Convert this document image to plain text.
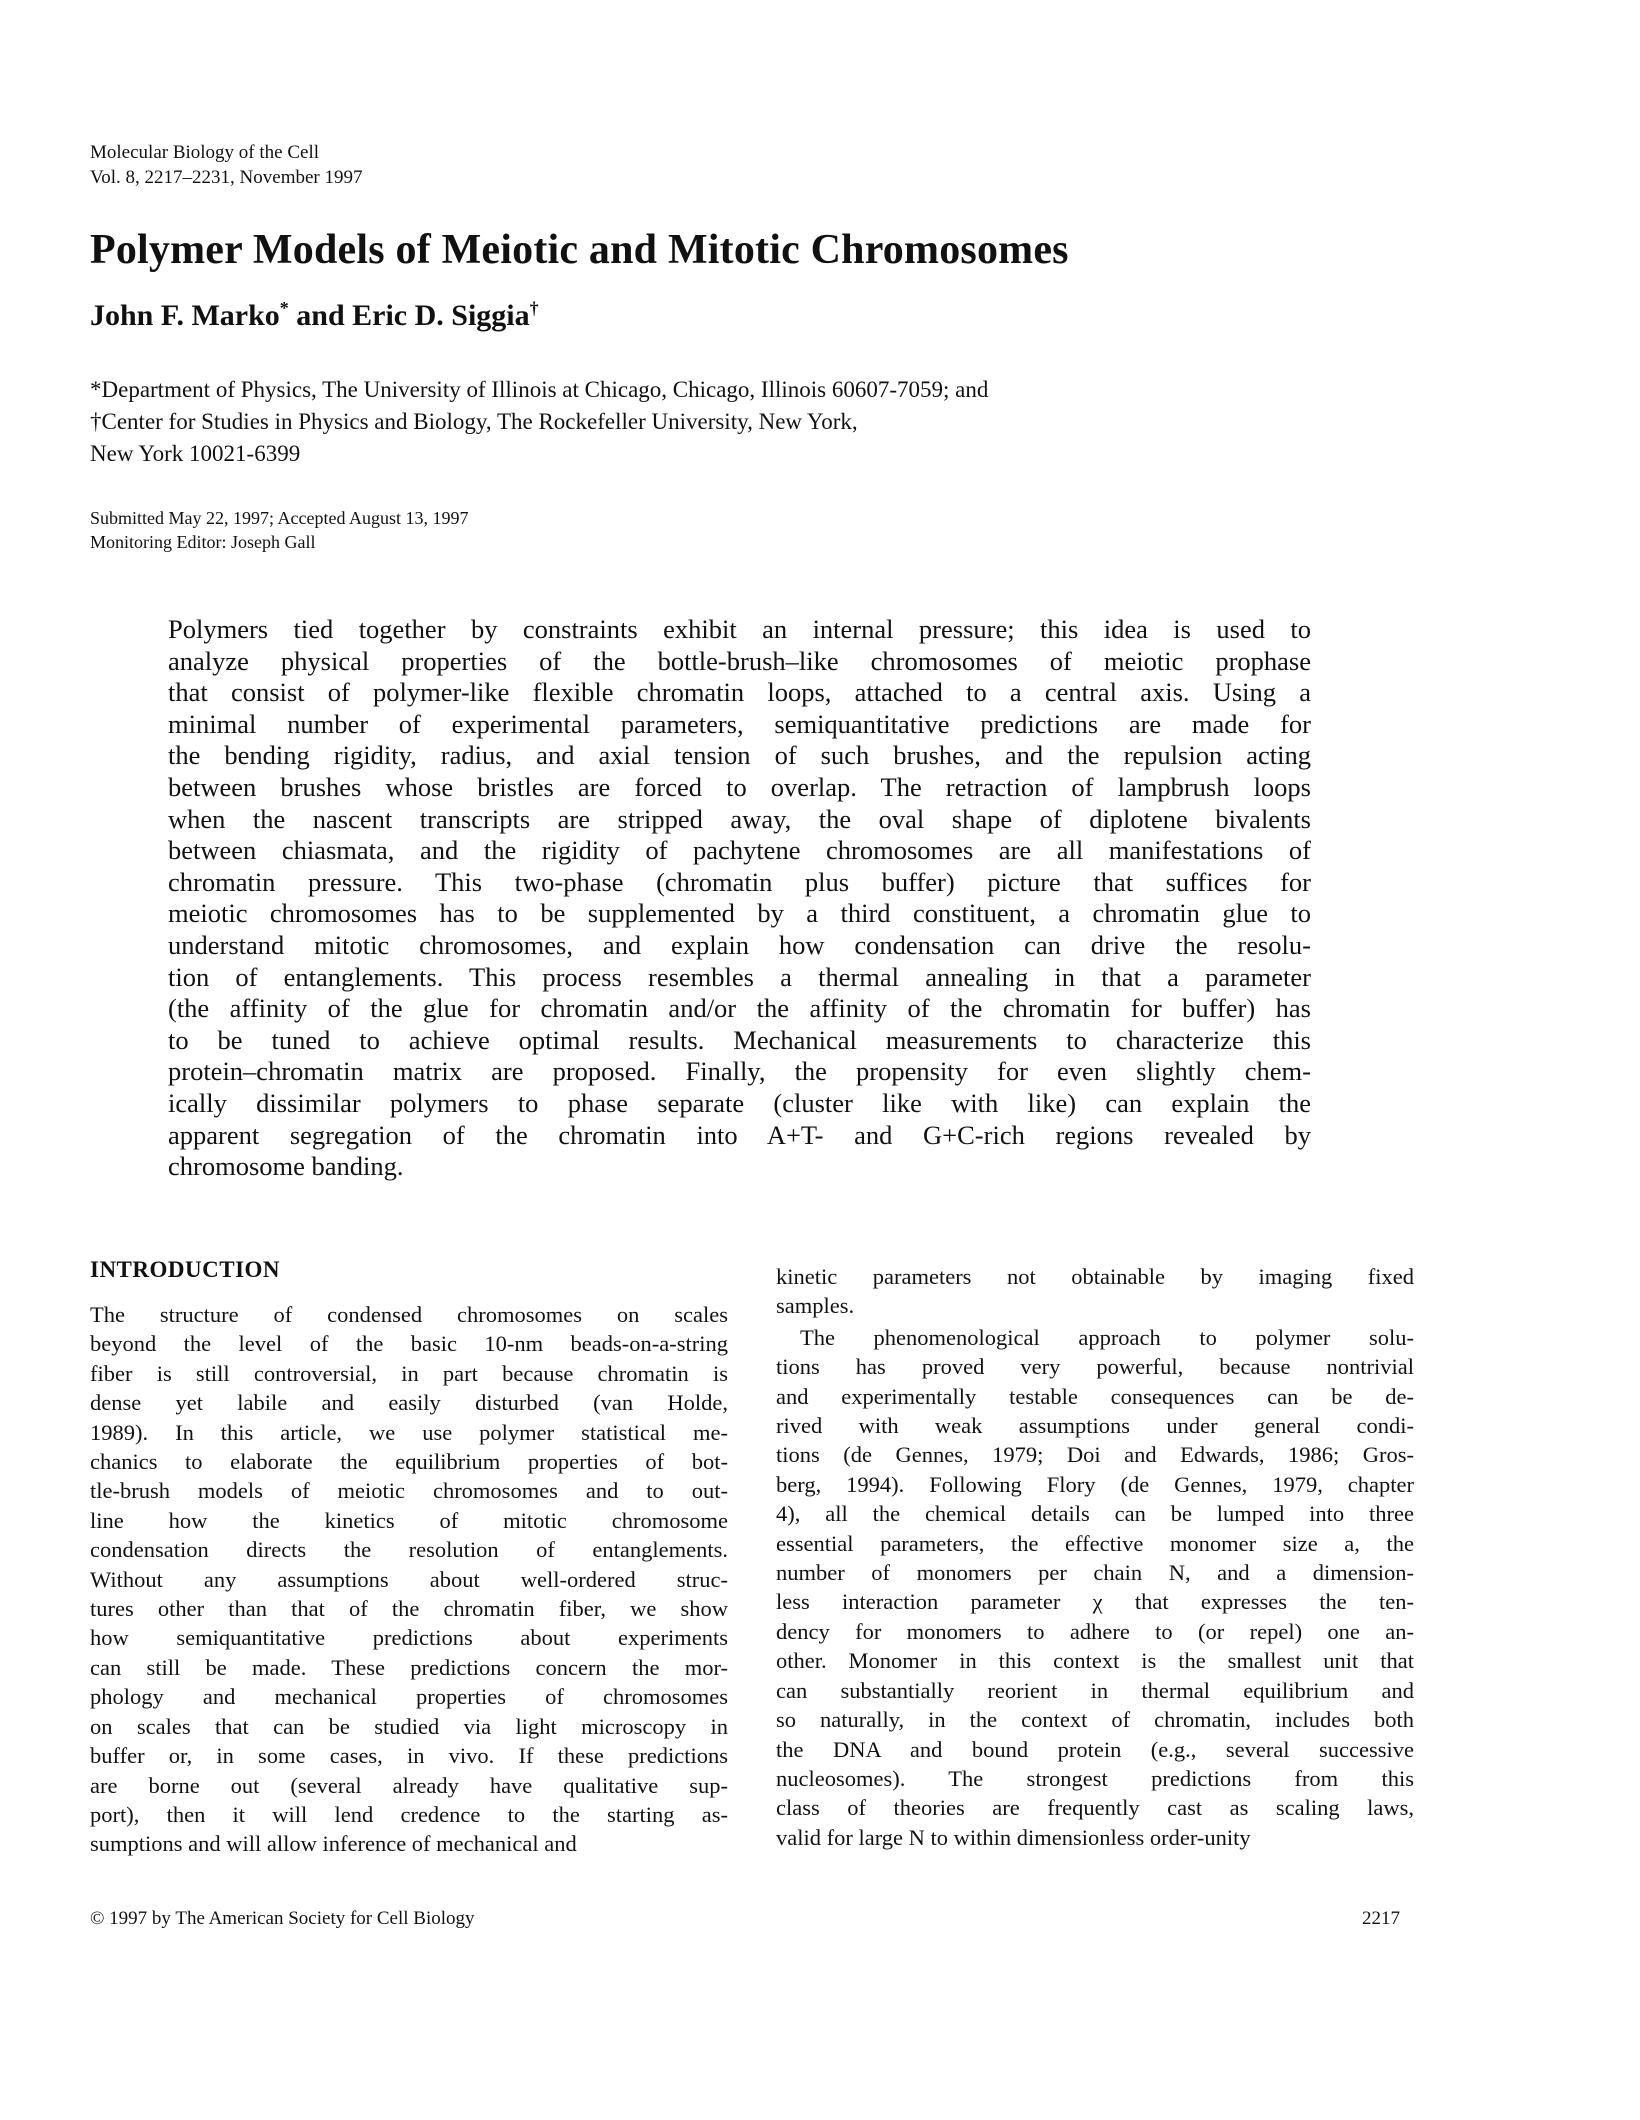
Molecular Biology of the Cell
Vol. 8, 2217–2231, November 1997
Polymer Models of Meiotic and Mitotic Chromosomes
John F. Marko* and Eric D. Siggia†
*Department of Physics, The University of Illinois at Chicago, Chicago, Illinois 60607-7059; and
†Center for Studies in Physics and Biology, The Rockefeller University, New York,
New York 10021-6399
Submitted May 22, 1997; Accepted August 13, 1997
Monitoring Editor: Joseph Gall
Polymers tied together by constraints exhibit an internal pressure; this idea is used to
analyze physical properties of the bottle-brush–like chromosomes of meiotic prophase
that consist of polymer-like flexible chromatin loops, attached to a central axis. Using a
minimal number of experimental parameters, semiquantitative predictions are made for
the bending rigidity, radius, and axial tension of such brushes, and the repulsion acting
between brushes whose bristles are forced to overlap. The retraction of lampbrush loops
when the nascent transcripts are stripped away, the oval shape of diplotene bivalents
between chiasmata, and the rigidity of pachytene chromosomes are all manifestations of
chromatin pressure. This two-phase (chromatin plus buffer) picture that suffices for
meiotic chromosomes has to be supplemented by a third constituent, a chromatin glue to
understand mitotic chromosomes, and explain how condensation can drive the resolu-
tion of entanglements. This process resembles a thermal annealing in that a parameter
(the affinity of the glue for chromatin and/or the affinity of the chromatin for buffer) has
to be tuned to achieve optimal results. Mechanical measurements to characterize this
protein–chromatin matrix are proposed. Finally, the propensity for even slightly chem-
ically dissimilar polymers to phase separate (cluster like with like) can explain the
apparent segregation of the chromatin into A+T- and G+C-rich regions revealed by
chromosome banding.
INTRODUCTION
The structure of condensed chromosomes on scales
beyond the level of the basic 10-nm beads-on-a-string
fiber is still controversial, in part because chromatin is
dense yet labile and easily disturbed (van Holde,
1989). In this article, we use polymer statistical me-
chanics to elaborate the equilibrium properties of bot-
tle-brush models of meiotic chromosomes and to out-
line how the kinetics of mitotic chromosome
condensation directs the resolution of entanglements.
Without any assumptions about well-ordered struc-
tures other than that of the chromatin fiber, we show
how semiquantitative predictions about experiments
can still be made. These predictions concern the mor-
phology and mechanical properties of chromosomes
on scales that can be studied via light microscopy in
buffer or, in some cases, in vivo. If these predictions
are borne out (several already have qualitative sup-
port), then it will lend credence to the starting as-
sumptions and will allow inference of mechanical and
kinetic parameters not obtainable by imaging fixed
samples.
The phenomenological approach to polymer solu-
tions has proved very powerful, because nontrivial
and experimentally testable consequences can be de-
rived with weak assumptions under general condi-
tions (de Gennes, 1979; Doi and Edwards, 1986; Gros-
berg, 1994). Following Flory (de Gennes, 1979, chapter
4), all the chemical details can be lumped into three
essential parameters, the effective monomer size a, the
number of monomers per chain N, and a dimension-
less interaction parameter χ that expresses the ten-
dency for monomers to adhere to (or repel) one an-
other. Monomer in this context is the smallest unit that
can substantially reorient in thermal equilibrium and
so naturally, in the context of chromatin, includes both
the DNA and bound protein (e.g., several successive
nucleosomes). The strongest predictions from this
class of theories are frequently cast as scaling laws,
valid for large N to within dimensionless order-unity
© 1997 by The American Society for Cell Biology	2217
